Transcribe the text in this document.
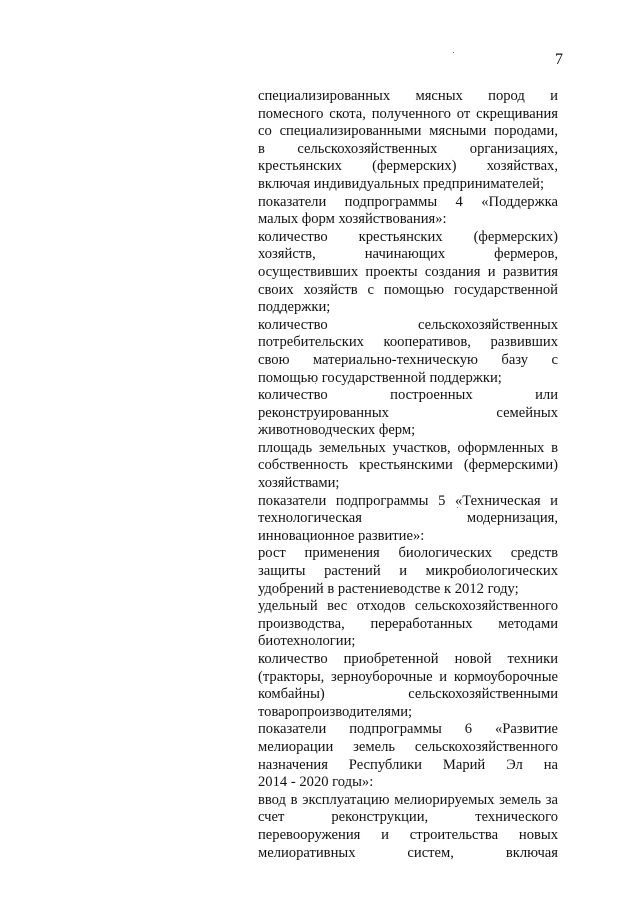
7
специализированных мясных пород и
помесного скота, полученного от скрещивания
со специализированными мясными породами,
в сельскохозяйственных организациях,
крестьянских (фермерских) хозяйствах,
включая индивидуальных предпринимателей;
показатели подпрограммы 4 «Поддержка
малых форм хозяйствования»:
количество крестьянских (фермерских)
хозяйств, начинающих фермеров,
осуществивших проекты создания и развития
своих хозяйств с помощью государственной
поддержки;
количество сельскохозяйственных
потребительских кооперативов, развивших
свою материально-техническую базу с
помощью государственной поддержки;
количество построенных или
реконструированных семейных
животноводческих ферм;
площадь земельных участков, оформленных в
собственность крестьянскими (фермерскими)
хозяйствами;
показатели подпрограммы 5 «Техническая и
технологическая модернизация,
инновационное развитие»:
рост применения биологических средств
защиты растений и микробиологических
удобрений в растениеводстве к 2012 году;
удельный вес отходов сельскохозяйственного
производства, переработанных методами
биотехнологии;
количество приобретенной новой техники
(тракторы, зерноуборочные и кормоуборочные
комбайны) сельскохозяйственными
товаропроизводителями;
показатели подпрограммы 6 «Развитие
мелиорации земель сельскохозяйственного
назначения Республики Марий Эл на
2014 - 2020 годы»:
ввод в эксплуатацию мелиорируемых земель за
счет реконструкции, технического
перевооружения и строительства новых
мелиоративных систем, включая
